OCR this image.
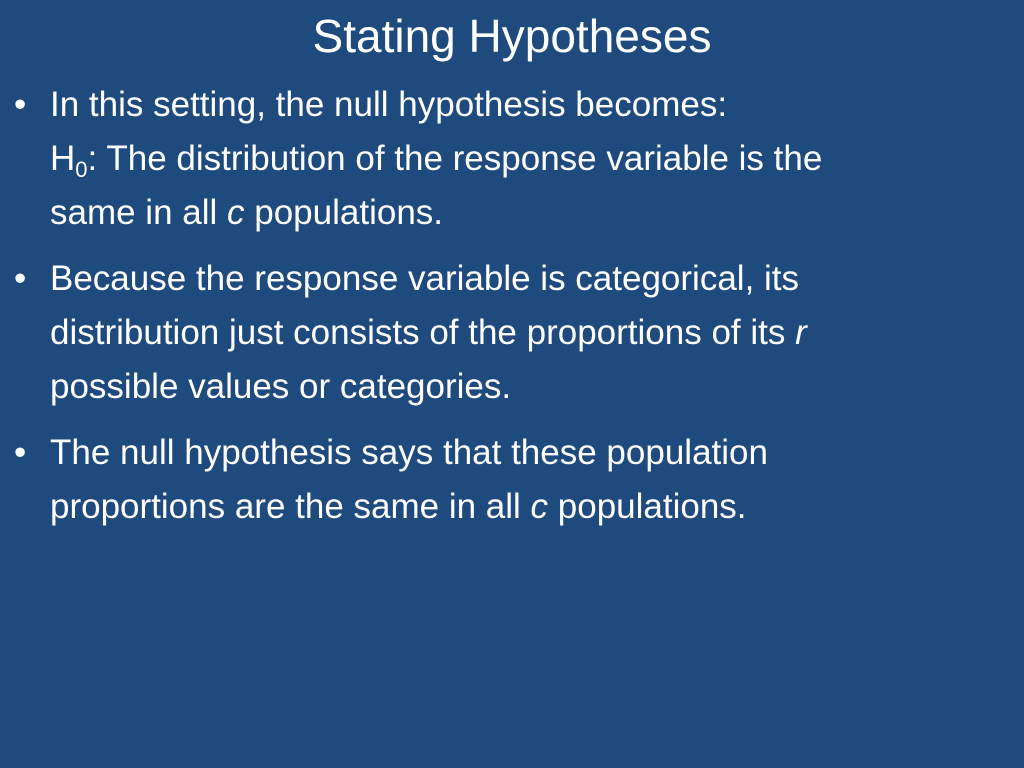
Stating Hypotheses
• In this setting, the null hypothesis becomes:
$H_0$: The distribution of the response variable is the
same in all c populations.
• Because the response variable is categorical, its
distribution just consists of the proportions of its r
possible values or categories.
• The null hypothesis says that these population
proportions are the same in all c populations.
